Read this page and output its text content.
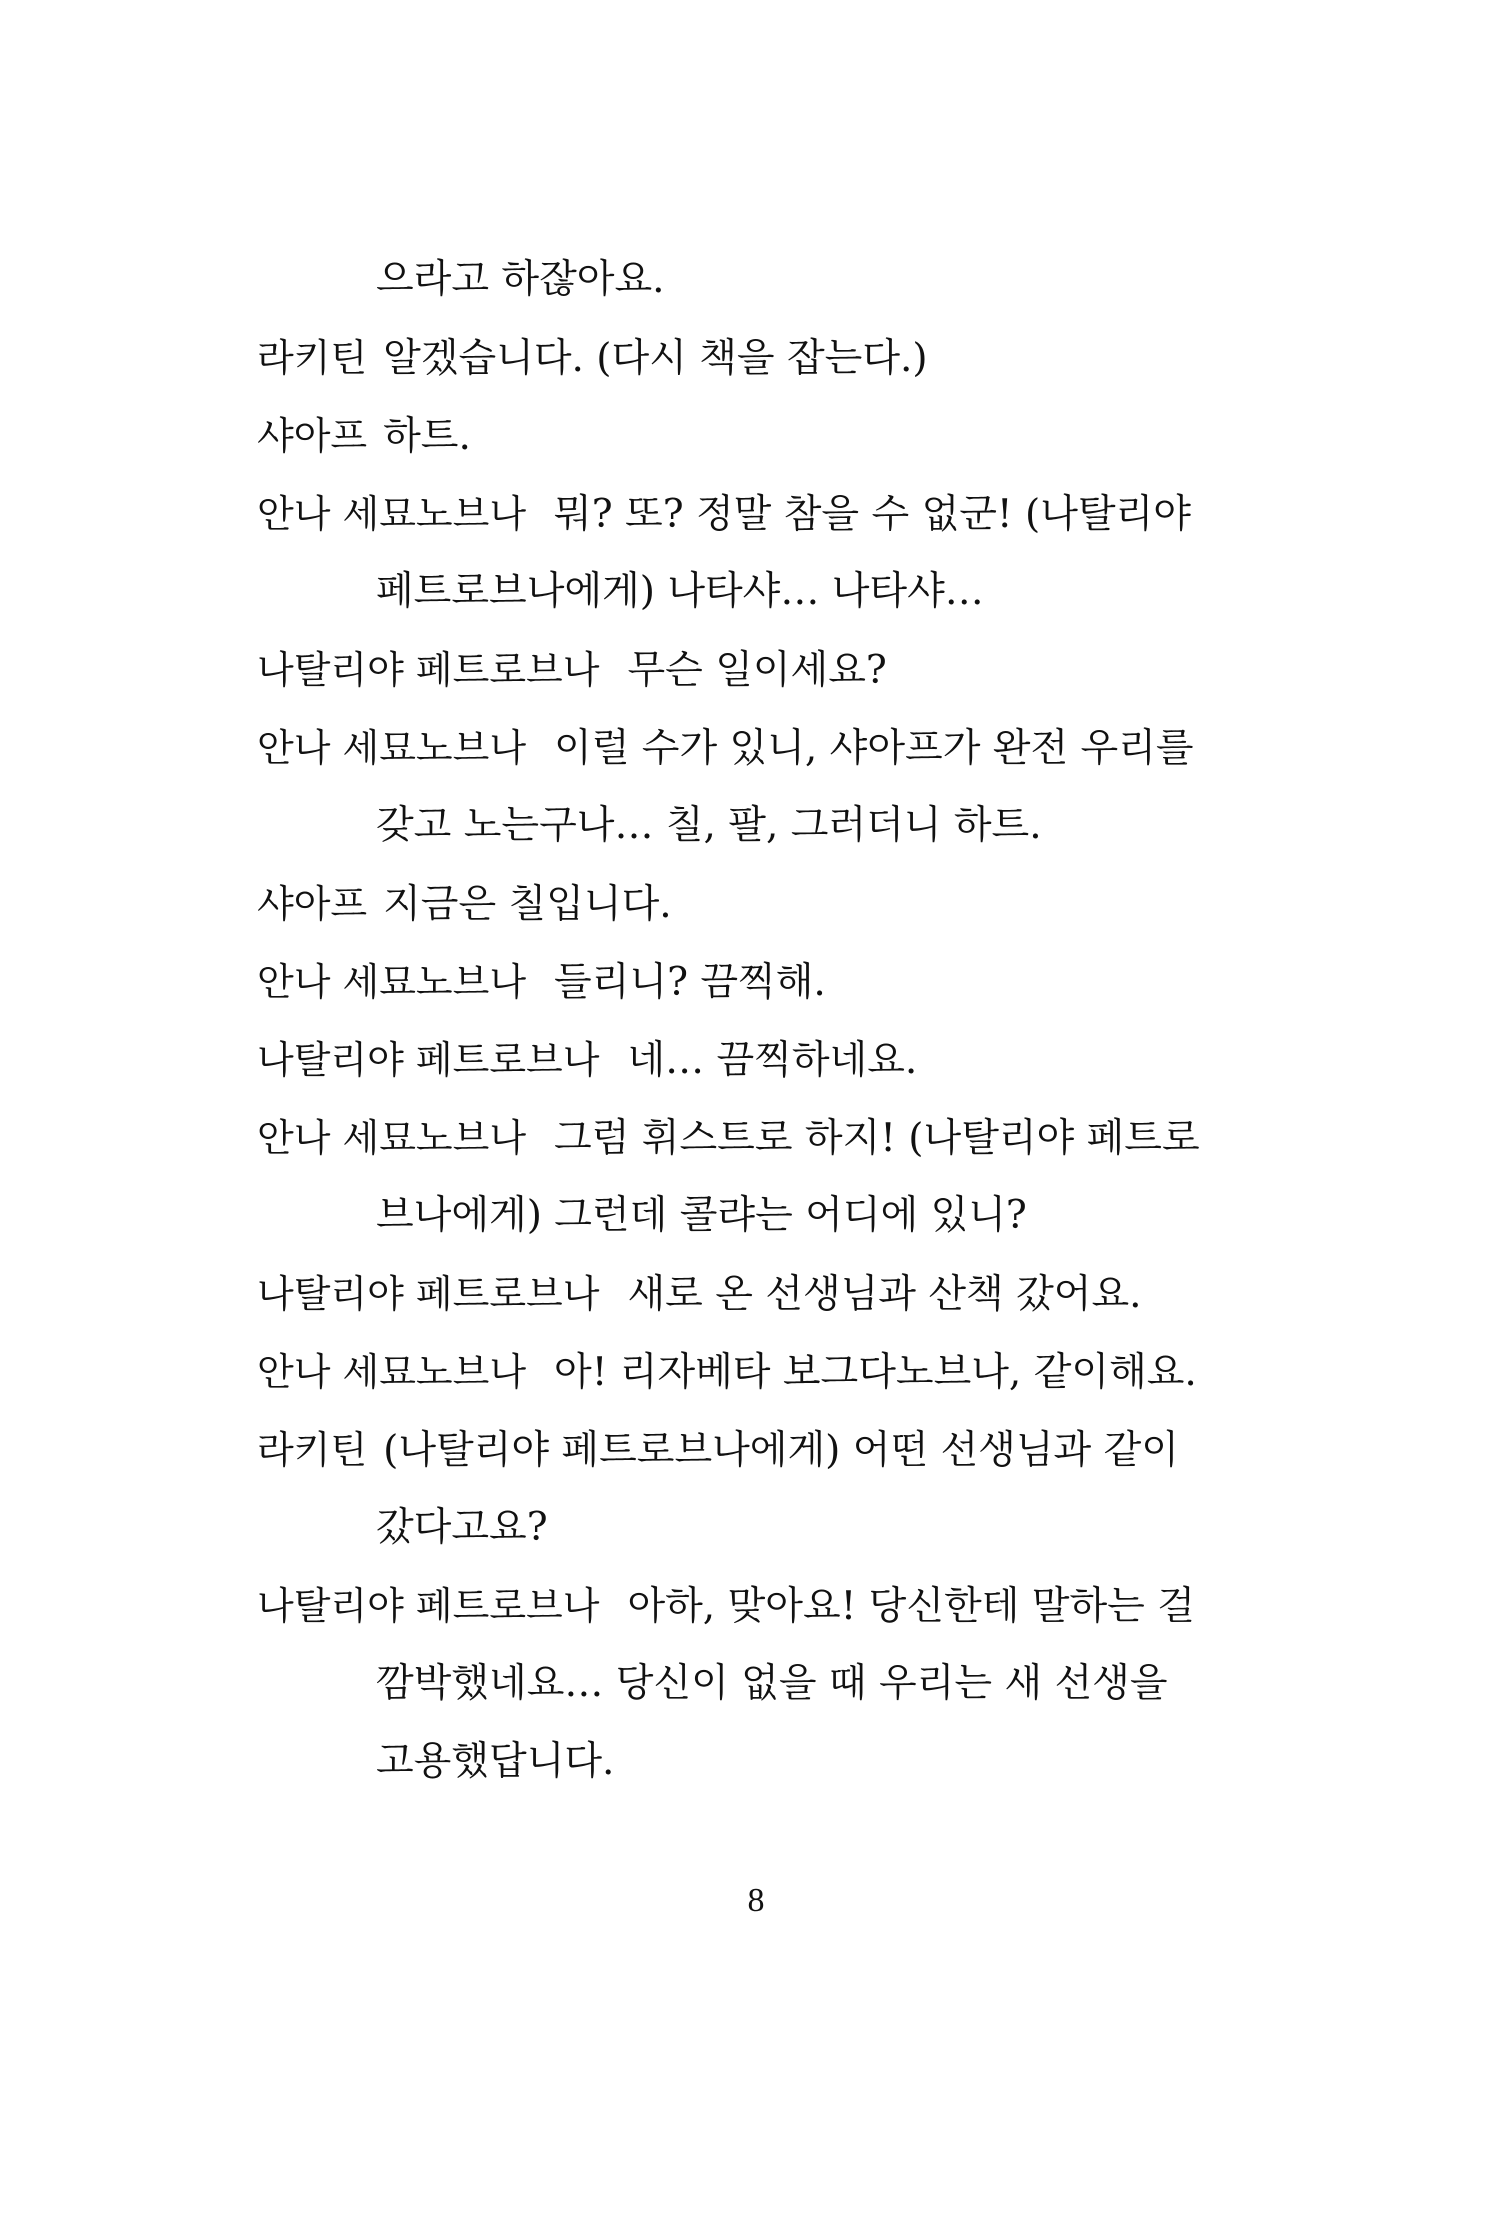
으라고 하잖아요.
라키틴 알겠습니다. (다시 책을 잡는다.)
샤아프 하트.
안나 세묘노브나 뭐? 또? 정말 참을 수 없군! (나탈리야
페트로브나에게) 나타샤… 나타샤…
나탈리야 페트로브나 무슨 일이세요?
안나 세묘노브나 이럴 수가 있니, 샤아프가 완전 우리를
갖고 노는구나… 칠, 팔, 그러더니 하트.
샤아프 지금은 칠입니다.
안나 세묘노브나 들리니? 끔찍해.
나탈리야 페트로브나 네… 끔찍하네요.
안나 세묘노브나 그럼 휘스트로 하지! (나탈리야 페트로
브나에게) 그런데 콜랴는 어디에 있니?
나탈리야 페트로브나 새로 온 선생님과 산책 갔어요.
안나 세묘노브나 아! 리자베타 보그다노브나, 같이해요.
라키틴 (나탈리야 페트로브나에게) 어떤 선생님과 같이
갔다고요?
나탈리야 페트로브나 아하, 맞아요! 당신한테 말하는 걸
깜박했네요… 당신이 없을 때 우리는 새 선생을
고용했답니다.
8
